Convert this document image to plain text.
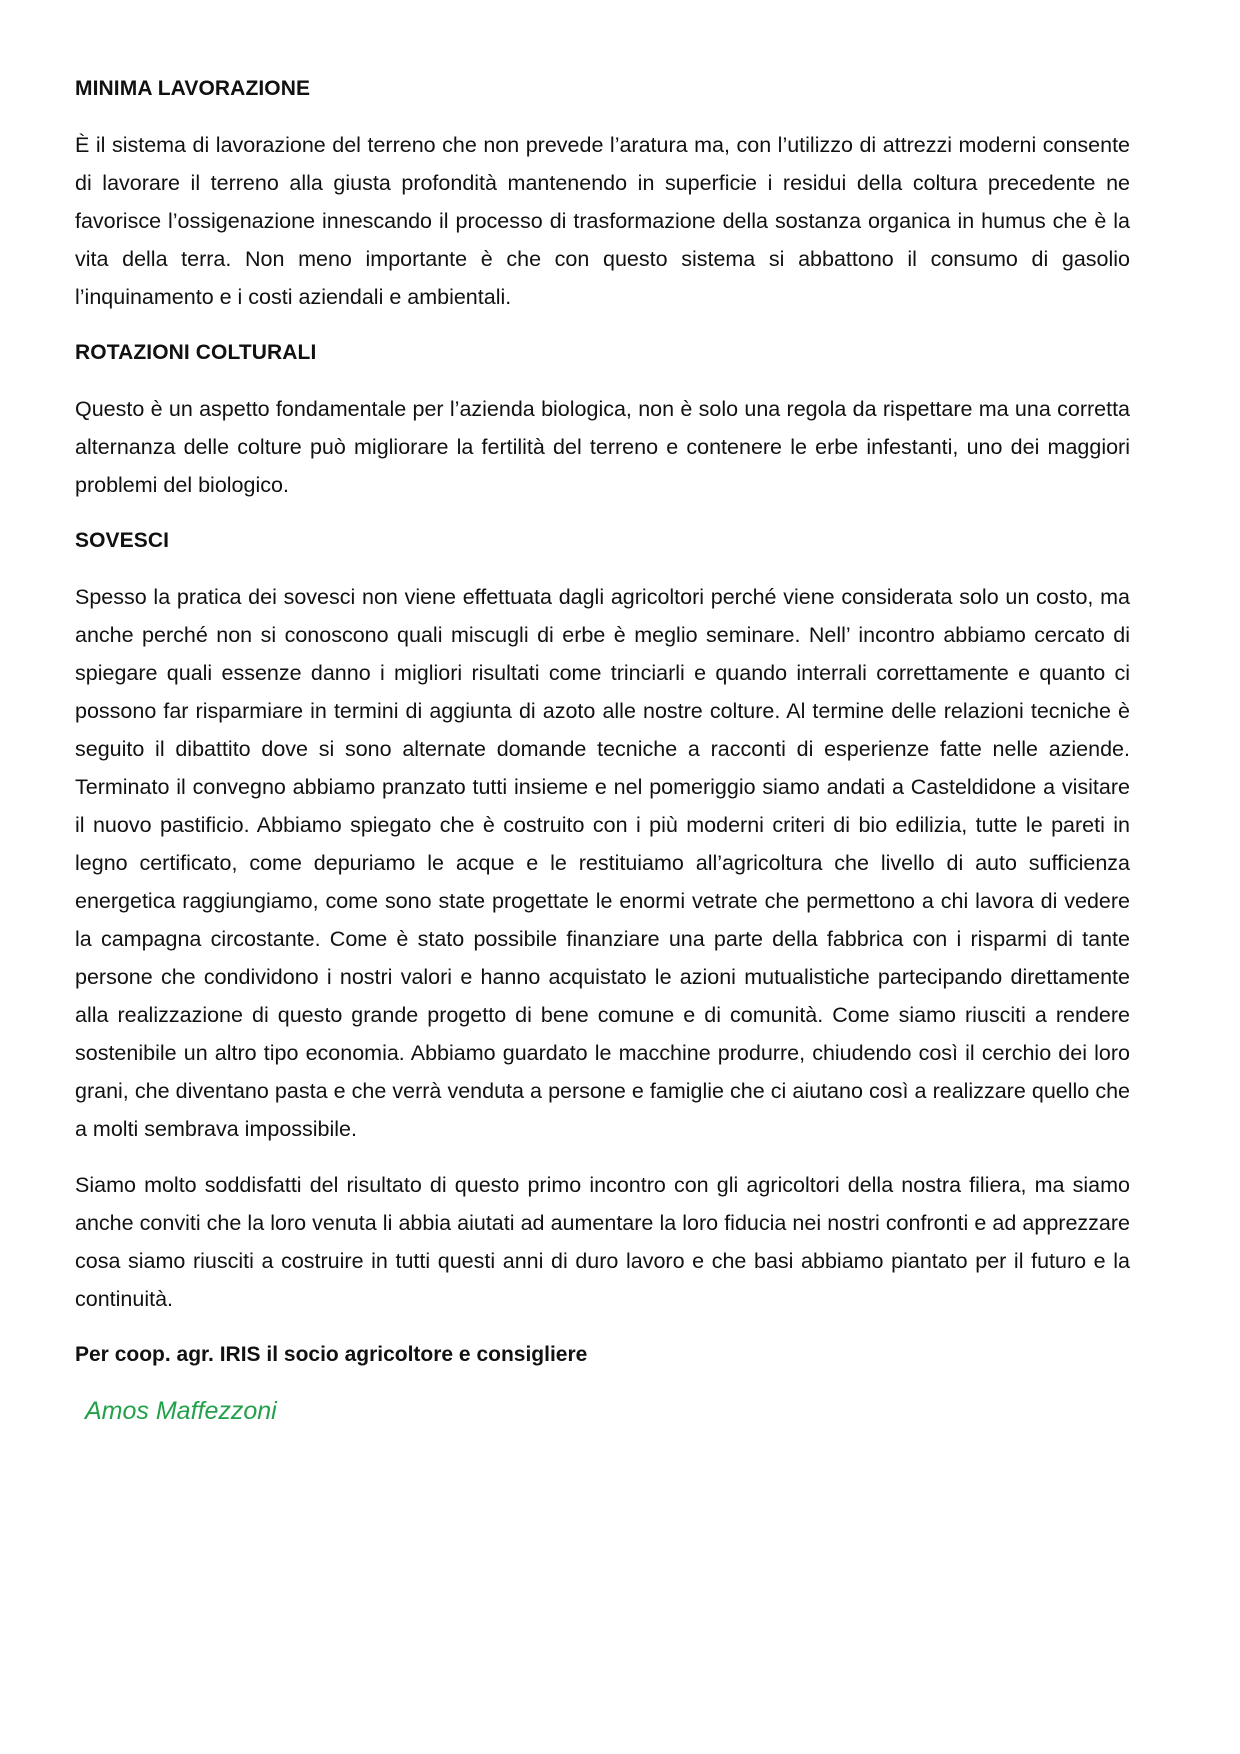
MINIMA LAVORAZIONE

È il sistema di lavorazione del terreno che non prevede l’aratura ma, con l’utilizzo di attrezzi moderni consente di lavorare il terreno alla giusta profondità mantenendo in superficie i residui della coltura precedente ne favorisce l’ossigenazione innescando il processo di trasformazione della sostanza organica in humus che è la vita della terra. Non meno importante è che con questo sistema si abbattono il consumo di gasolio l’inquinamento e i costi aziendali e ambientali.

ROTAZIONI COLTURALI

Questo è un aspetto fondamentale per l’azienda biologica, non è solo una regola da rispettare ma una corretta alternanza delle colture può migliorare la fertilità del terreno e contenere le erbe infestanti, uno dei maggiori problemi del biologico.

SOVESCI

Spesso la pratica dei sovesci non viene effettuata dagli agricoltori perché viene considerata solo un costo, ma anche perché non si conoscono quali miscugli di erbe è meglio seminare. Nell’ incontro abbiamo cercato di spiegare quali essenze danno i migliori risultati come trinciarli e quando interrali correttamente e quanto ci possono far risparmiare in termini di aggiunta di azoto alle nostre colture. Al termine delle relazioni tecniche è seguito il dibattito dove si sono alternate domande tecniche a racconti di esperienze fatte nelle aziende. Terminato il convegno abbiamo pranzato tutti insieme e nel pomeriggio siamo andati a Casteldidone a visitare il nuovo pastificio. Abbiamo spiegato che è costruito con i più moderni criteri di bio edilizia, tutte le pareti in legno certificato, come depuriamo le acque e le restituiamo all’agricoltura che livello di auto sufficienza energetica raggiungiamo, come sono state progettate le enormi vetrate che permettono a chi lavora di vedere la campagna circostante. Come è stato possibile finanziare una parte della fabbrica con i risparmi di tante persone che condividono i nostri valori e hanno acquistato le azioni mutualistiche partecipando direttamente alla realizzazione di questo grande progetto di bene comune e di comunità. Come siamo riusciti a rendere sostenibile un altro tipo economia. Abbiamo guardato le macchine produrre, chiudendo così il cerchio dei loro grani, che diventano pasta e che verrà venduta a persone e famiglie che ci aiutano così a realizzare quello che a molti sembrava impossibile.

Siamo molto soddisfatti del risultato di questo primo incontro con gli agricoltori della nostra filiera, ma siamo anche conviti che la loro venuta li abbia aiutati ad aumentare la loro fiducia nei nostri confronti e ad apprezzare cosa siamo riusciti a costruire in tutti questi anni di duro lavoro e che basi abbiamo piantato per il futuro e la continuità.

Per coop. agr. IRIS il socio agricoltore e consigliere
Amos Maffezzoni
